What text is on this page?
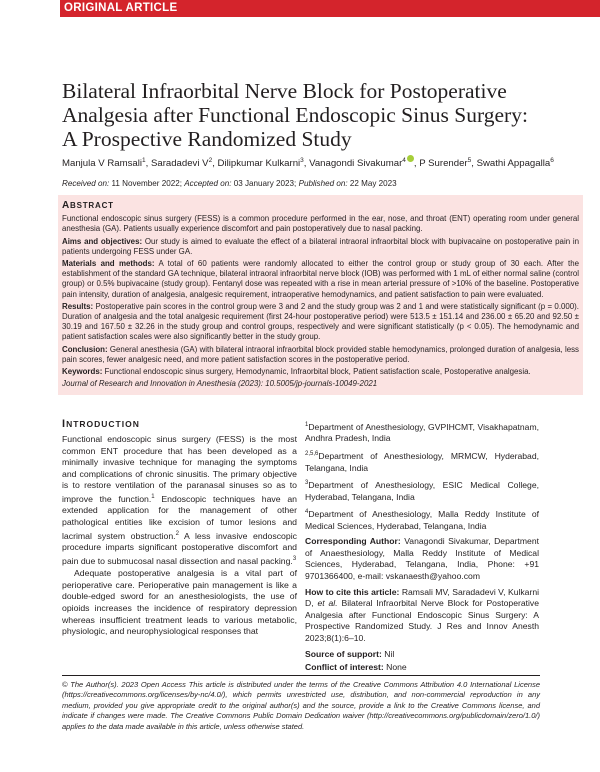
ORIGINAL ARTICLE
Bilateral Infraorbital Nerve Block for Postoperative
Analgesia after Functional Endoscopic Sinus Surgery:
A Prospective Randomized Study
Manjula V Ramsali$^1$, Saradadevi $V^2$, Dilipkumar Kulkarni$^3$, Vanagondi Sivakumar$^4$ , P Surender$^5$, Swathi Appagalla$^6$
Received on: 11 November 2022; Accepted on: 03 January 2023; Published on: 22 May 2023

ABSTRACT

Functional endoscopic sinus surgery (FESS) is a common procedure performed in the ear, nose, and throat (ENT) operating room under general anesthesia (GA). Patients usually experience discomfort and pain postoperatively due to nasal packing.

Aims and objectives: Our study is aimed to evaluate the effect of a bilateral intraoral infraorbital block with bupivacaine on postoperative pain in patients undergoing FESS under GA.

Materials and methods: A total of 60 patients were randomly allocated to either the control group or study group of 30 each. After the establishment of the standard GA technique, bilateral intraoral infraorbital nerve block (IOB) was performed with 1 mL of either normal saline (control group) or 0.5% bupivacaine (study group). Fentanyl dose was repeated with a rise in mean arterial pressure of >10% of the baseline. Postoperative pain intensity, duration of analgesia, analgesic requirement, intraoperative hemodynamics, and patient satisfaction to pain were evaluated.

Results: Postoperative pain scores in the control group were 3 and 2 and the study group was 2 and 1 and were statistically significant (p = 0.000). Duration of analgesia and the total analgesic requirement (first 24-hour postoperative period) were 513.5 ± 151.14 and 236.00 ± 65.20 and 92.50 ± 30.19 and 167.50 ± 32.26 in the study group and control groups, respectively and were significant statistically (p < 0.05). The hemodynamic and patient satisfaction scales were also significantly better in the study group.

Conclusion: General anesthesia (GA) with bilateral intraoral infraorbital block provided stable hemodynamics, prolonged duration of analgesia, less pain scores, fewer analgesic need, and more patient satisfaction scores in the postoperative period.

Keywords: Functional endoscopic sinus surgery, Hemodynamic, Infraorbital block, Patient satisfaction scale, Postoperative analgesia.

Journal of Research and Innovation in Anesthesia (2023): 10.5005/jp-journals-10049-2021

INTRODUCTION

Functional endoscopic sinus surgery (FESS) is the most common ENT procedure that has been developed as a minimally invasive technique for managing the symptoms and complications of chronic sinusitis. The primary objective is to restore ventilation of the paranasal sinuses so as to improve the function.$^1$ Endoscopic techniques have an extended application for the management of other pathological entities like excision of tumor lesions and lacrimal system obstruction.$^2$ A less invasive endoscopic procedure imparts significant postoperative discomfort and pain due to submucosal nasal dissection and nasal packing.$^3$

Adequate postoperative analgesia is a vital part of perioperative care. Perioperative pain management is like a double-edged sword for an anesthesiologists, the use of opioids increases the incidence of respiratory depression whereas insufficient treatment leads to various metabolic, physiologic, and neurophysiological responses that

$^1$Department of Anesthesiology, GVPIHCMT, Visakhapatnam, Andhra Pradesh, India

$^{2,5,6}$Department of Anesthesiology, MRMCW, Hyderabad, Telangana, India

$^3$Department of Anesthesiology, ESIC Medical College, Hyderabad, Telangana, India

$^4$Department of Anesthesiology, Malla Reddy Institute of Medical Sciences, Hyderabad, Telangana, India

Corresponding Author: Vanagondi Sivakumar, Department of Anaesthesiology, Malla Reddy Institute of Medical Sciences, Hyderabad, Telangana, India, Phone: +91 9701366400, e-mail: vskanaesth@yahoo.com

How to cite this article: Ramsali MV, Saradadevi V, Kulkarni D, et al. Bilateral Infraorbital Nerve Block for Postoperative Analgesia after Functional Endoscopic Sinus Surgery: A Prospective Randomized Study. J Res and Innov Anesth 2023;8(1):6–10.

Source of support: Nil

Conflict of interest: None

© The Author(s). 2023 Open Access This article is distributed under the terms of the Creative Commons Attribution 4.0 International License (https://creativecommons.org/licenses/by-nc/4.0/), which permits unrestricted use, distribution, and non-commercial reproduction in any medium, provided you give appropriate credit to the original author(s) and the source, provide a link to the Creative Commons license, and indicate if changes were made. The Creative Commons Public Domain Dedication waiver (http://creativecommons.org/publicdomain/zero/1.0/) applies to the data made available in this article, unless otherwise stated.
